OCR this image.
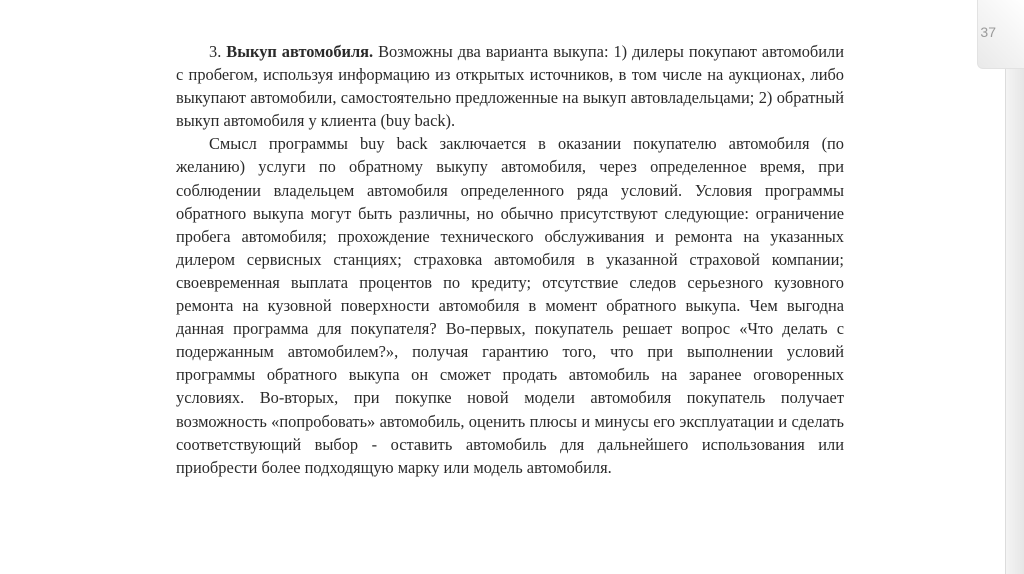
37

3. Выкуп автомобиля. Возможны два варианта выкупа: 1) дилеры покупают автомобили с пробегом, используя информацию из открытых источников, в том числе на аукционах, либо выкупают автомобили, самостоятельно предложенные на выкуп автовладельцами; 2) обратный выкуп автомобиля у клиента (buy back).

Смысл программы buy back заключается в оказании покупателю автомобиля (по желанию) услуги по обратному выкупу автомобиля, через определенное время, при соблюдении владельцем автомобиля определенного ряда условий. Условия программы обратного выкупа могут быть различны, но обычно присутствуют следующие: ограничение пробега автомобиля; прохождение технического обслуживания и ремонта на указанных дилером сервисных станциях; страховка автомобиля в указанной страховой компании; своевременная выплата процентов по кредиту; отсутствие следов серьезного кузовного ремонта на кузовной поверхности автомобиля в момент обратного выкупа. Чем выгодна данная программа для покупателя? Во-первых, покупатель решает вопрос «Что делать с подержанным автомобилем?», получая гарантию того, что при выполнении условий программы обратного выкупа он сможет продать автомобиль на заранее оговоренных условиях. Во-вторых, при покупке новой модели автомобиля покупатель получает возможность «попробовать» автомобиль, оценить плюсы и минусы его эксплуатации и сделать соответствующий выбор - оставить автомобиль для дальнейшего использования или приобрести более подходящую марку или модель автомобиля.
